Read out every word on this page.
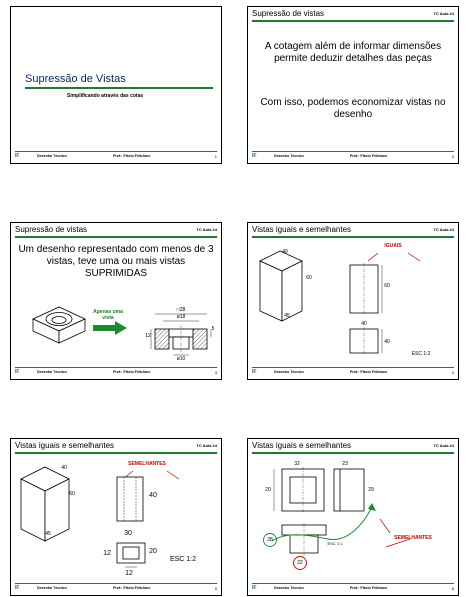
Supressão de Vistas
Simplificando através das cotas
IF	Desenho Técnico	Prof.: Flávio Felicione	1
Supressão de vistas	TC Aula 24
A cotagem além de informar dimensões permite deduzir detalhes das peças
Com isso, podemos economizar vistas no desenho
IF	Desenho Técnico	Prof.: Flávio Felicione	2
Supressão de vistas	TC Aula 24
Um desenho representado com menos de 3 vistas, teve uma ou mais vistas SUPRIMIDAS
Apenas uma vista
□28
ø18
12
5
ø10
IF	Desenho Técnico	Prof.: Flávio Felicione	3
Vistas iguais e semelhantes	TC Aula 24
40
60
45
IGUAIS
60
40
40
ESC 1:2
IF	Desenho Técnico	Prof.: Flávio Felicione	4
Vistas iguais e semelhantes	TC Aula 24
40
60
45
SEMELHANTES
40
30
20
12
12
ESC 1:2
IF	Desenho Técnico	Prof.: Flávio Felicione	5
Vistas iguais e semelhantes	TC Aula 24
32	23
20	29
28
22
ESC 1:1
SEMELHANTES
IF	Desenho Técnico	Prof.: Flávio Felicione	6
